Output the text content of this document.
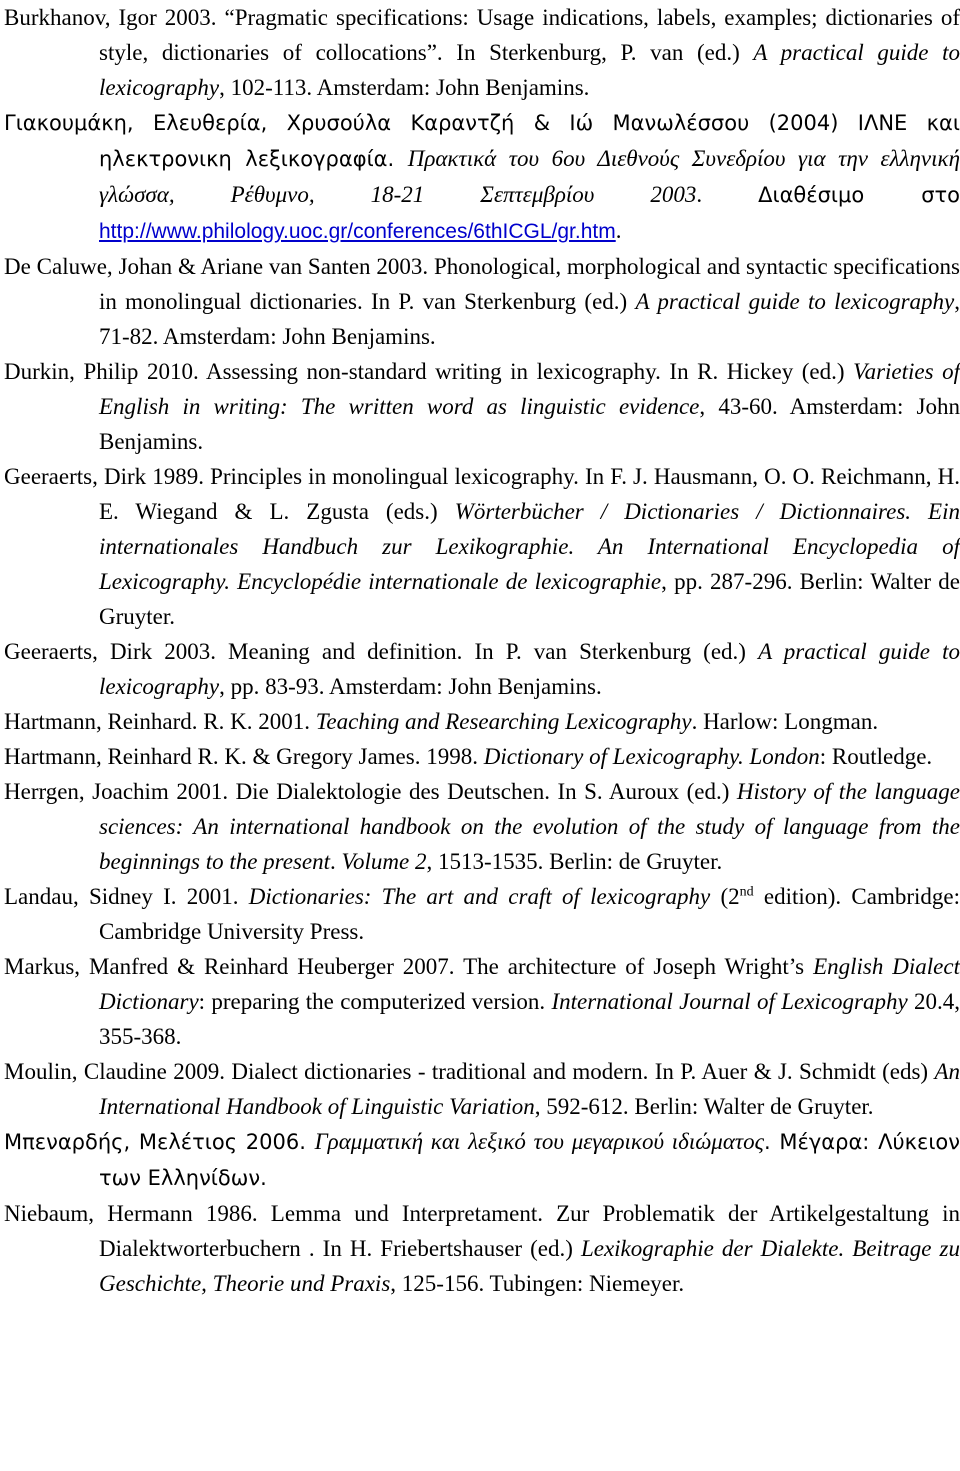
Burkhanov, Igor 2003. “Pragmatic specifications: Usage indications, labels, examples; dictionaries of style, dictionaries of collocations”. In Sterkenburg, P. van (ed.) A practical guide to lexicography, 102-113. Amsterdam: John Benjamins.

Γιακουμάκη, Ελευθερία, Χρυσούλα Καραντζή & Ιώ Μανωλέσσου (2004) ΙΛΝΕ και ηλεκτρονικη λεξικογραφία. Πρακτικά του 6ου Διεθνούς Συνεδρίου για την ελληνική γλώσσα, Ρέθυμνο, 18-21 Σεπτεμβρίου 2003. Διαθέσιμο στο http://www.philology.uoc.gr/conferences/6thICGL/gr.htm.

De Caluwe, Johan & Ariane van Santen 2003. Phonological, morphological and syntactic specifications in monolingual dictionaries. In P. van Sterkenburg (ed.) A practical guide to lexicography, 71-82. Amsterdam: John Benjamins.

Durkin, Philip 2010. Assessing non-standard writing in lexicography. In R. Hickey (ed.) Varieties of English in writing: The written word as linguistic evidence, 43-60. Amsterdam: John Benjamins.

Geeraerts, Dirk 1989. Principles in monolingual lexicography. In F. J. Hausmann, O. O. Reichmann, H. E. Wiegand & L. Zgusta (eds.) Wörterbücher / Dictionaries / Dictionnaires. Ein internationales Handbuch zur Lexikographie. An International Encyclopedia of Lexicography. Encyclopédie internationale de lexicographie, pp. 287-296. Berlin: Walter de Gruyter.

Geeraerts, Dirk 2003. Meaning and definition. In P. van Sterkenburg (ed.) A practical guide to lexicography, pp. 83-93. Amsterdam: John Benjamins.

Hartmann, Reinhard. R. K. 2001. Teaching and Researching Lexicography. Harlow: Longman.

Hartmann, Reinhard R. K. & Gregory James. 1998. Dictionary of Lexicography. London: Routledge.

Herrgen, Joachim 2001. Die Dialektologie des Deutschen. In S. Auroux (ed.) History of the language sciences: An international handbook on the evolution of the study of language from the beginnings to the present. Volume 2, 1513-1535. Berlin: de Gruyter.

Landau, Sidney I. 2001. Dictionaries: The art and craft of lexicography (2nd edition). Cambridge: Cambridge University Press.

Markus, Manfred & Reinhard Heuberger 2007. The architecture of Joseph Wright’s English Dialect Dictionary: preparing the computerized version. International Journal of Lexicography 20.4, 355-368.

Moulin, Claudine 2009. Dialect dictionaries - traditional and modern. In P. Auer & J. Schmidt (eds) An International Handbook of Linguistic Variation, 592-612. Berlin: Walter de Gruyter.

Μπεναρδής, Μελέτιος 2006. Γραμματική και λεξικό του μεγαρικού ιδιώματος. Μέγαρα: Λύκειον των Ελληνίδων.

Niebaum, Hermann 1986. Lemma und Interpretament. Zur Problematik der Artikelgestaltung in Dialektworterbuchern . In H. Friebertshauser (ed.) Lexikographie der Dialekte. Beitrage zu Geschichte, Theorie und Praxis, 125-156. Tubingen: Niemeyer.
